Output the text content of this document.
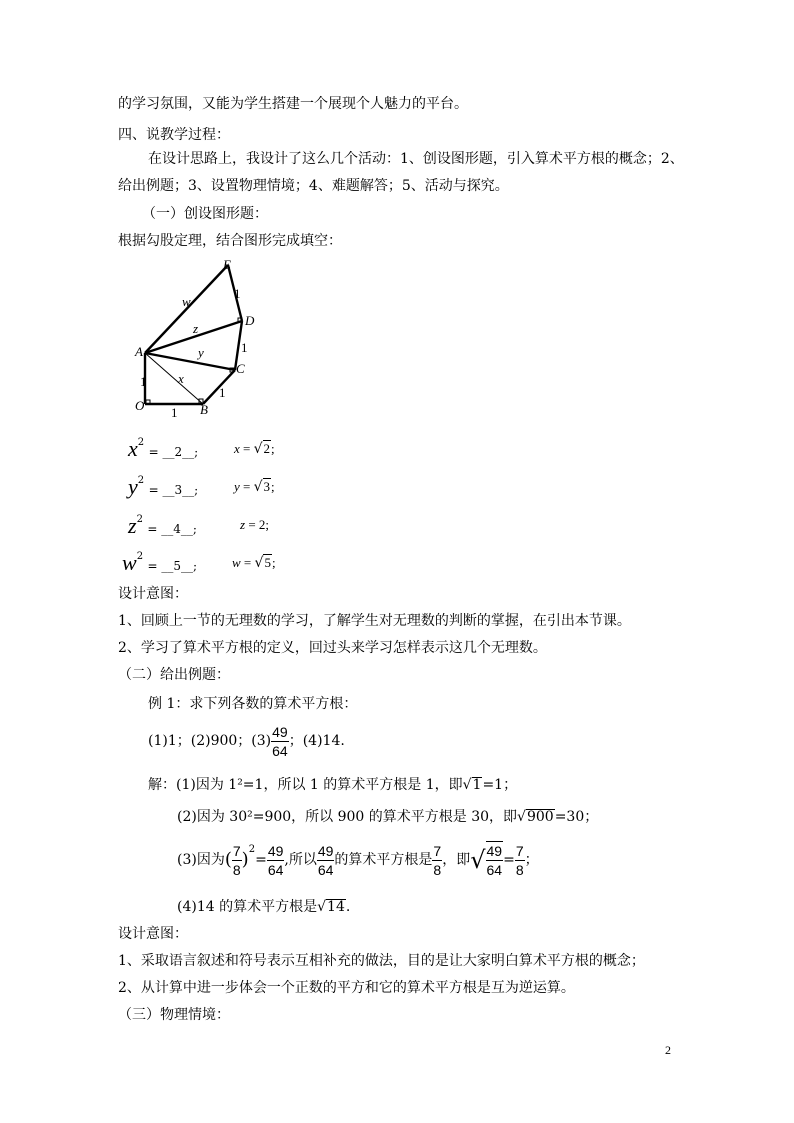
的学习氛围，又能为学生搭建一个展现个人魅力的平台。
四、说教学过程：
在设计思路上，我设计了这么几个活动：1、创设图形题，引入算术平方根的概念；2、
给出例题；3、设置物理情境；4、难题解答；5、活动与探究。
（一）创设图形题：
根据勾股定理，结合图形完成填空：
E
D
C
B
A
O
w
z
y
x
1
1
1
1
1
$x^2$ = __2__;	x = √2;
$y^2$ = __3__;	y = √3;
$z^2$ = __4__;	z = 2;
$w^2$ = __5__;	w = √5;
设计意图：
1、回顾上一节的无理数的学习，了解学生对无理数的判断的掌握，在引出本节课。
2、学习了算术平方根的定义，回过头来学习怎样表示这几个无理数。
（二）给出例题：
例 1：求下列各数的算术平方根：
(1)1；(2)900；$(3) \frac{49}{64}$ ；(4)14.
解：(1)因为 1²=1，所以 1 的算术平方根是 1，即√1=1；
(2)因为 30²=900，所以 900 的算术平方根是 30，即√900=30；
(3)因为 ( $\frac{7}{8}$ ) 2
= $\frac{49}{64}$ ,所以 $\frac{49}{64}$ 的算术平方根是 $\frac{7}{8}$ ，即 √ $\frac{49}{64} = \frac{7}{8}$ ；
(4)14 的算术平方根是√14.
设计意图：
1、采取语言叙述和符号表示互相补充的做法，目的是让大家明白算术平方根的概念；
2、从计算中进一步体会一个正数的平方和它的算术平方根是互为逆运算。
（三）物理情境：
2
